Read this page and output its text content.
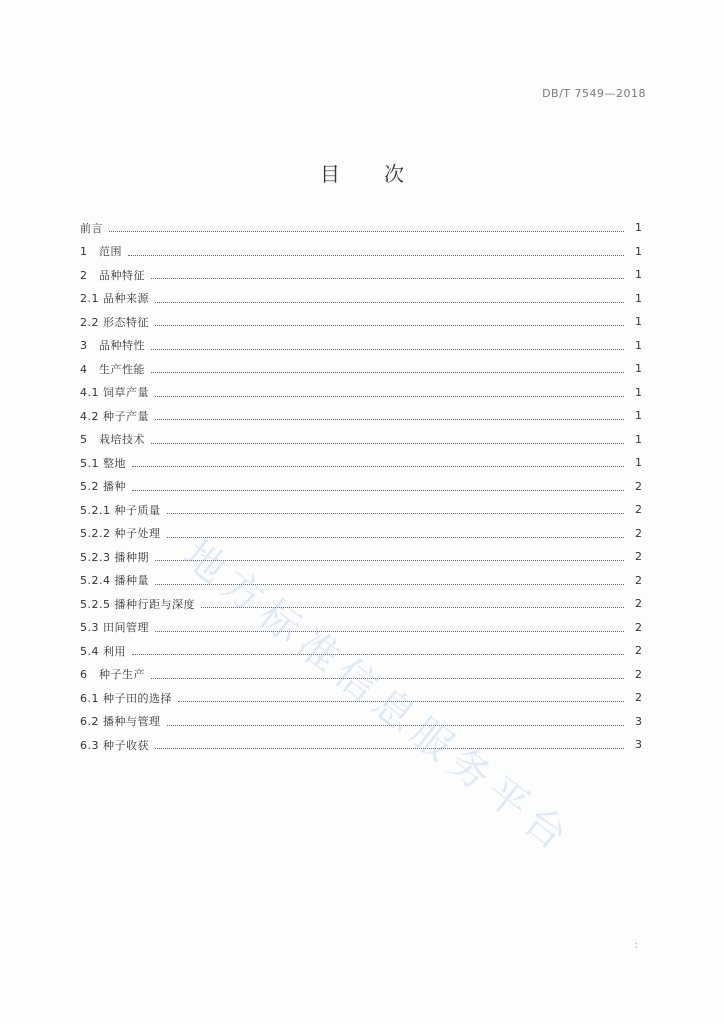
DB/T 7549—2018
目次
前言	1
1　范围	1
2　品种特征	1
2.1 品种来源	1
2.2 形态特征	1
3　品种特性	1
4　生产性能	1
4.1 饲草产量	1
4.2 种子产量	1
5　栽培技术	1
5.1 整地	1
5.2 播种	2
5.2.1 种子质量	2
5.2.2 种子处理	2
5.2.3 播种期	2
5.2.4 播种量	2
5.2.5 播种行距与深度	2
5.3 田间管理	2
5.4 利用	2
6　种子生产	2
6.1 种子田的选择	2
6.2 播种与管理	3
6.3 种子收获	3
地方标准信息服务平台
:
